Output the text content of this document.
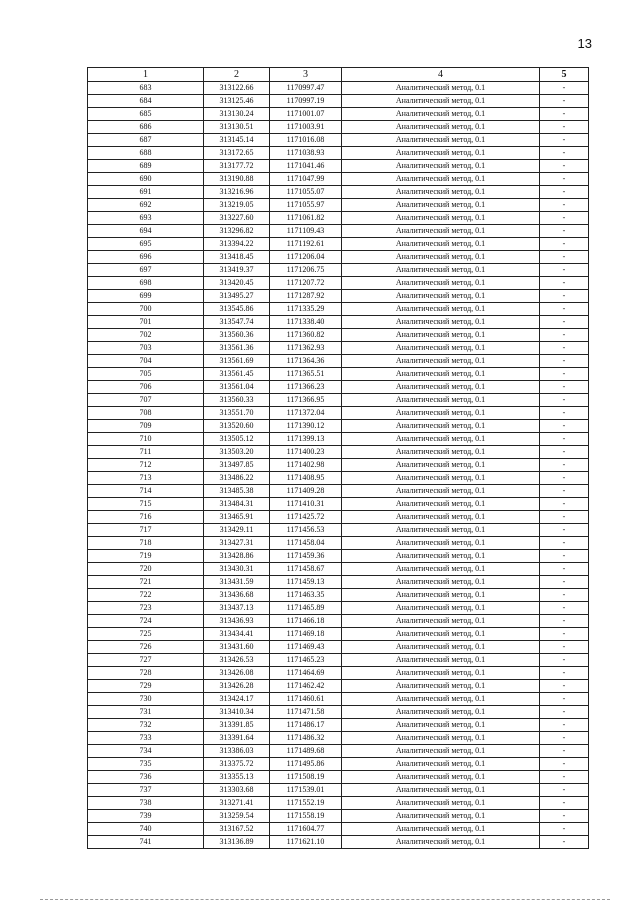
13
1	2	3	4	5
683	313122.66	1170997.47	Аналитический метод, 0.1	-
684	313125.46	1170997.19	Аналитический метод, 0.1	-
685	313130.24	1171001.07	Аналитический метод, 0.1	-
686	313130.51	1171003.91	Аналитический метод, 0.1	-
687	313145.14	1171016.08	Аналитический метод, 0.1	-
688	313172.65	1171038.93	Аналитический метод, 0.1	-
689	313177.72	1171041.46	Аналитический метод, 0.1	-
690	313190.88	1171047.99	Аналитический метод, 0.1	-
691	313216.96	1171055.07	Аналитический метод, 0.1	-
692	313219.05	1171055.97	Аналитический метод, 0.1	-
693	313227.60	1171061.82	Аналитический метод, 0.1	-
694	313296.82	1171109.43	Аналитический метод, 0.1	-
695	313394.22	1171192.61	Аналитический метод, 0.1	-
696	313418.45	1171206.04	Аналитический метод, 0.1	-
697	313419.37	1171206.75	Аналитический метод, 0.1	-
698	313420.45	1171207.72	Аналитический метод, 0.1	-
699	313495.27	1171287.92	Аналитический метод, 0.1	-
700	313545.86	1171335.29	Аналитический метод, 0.1	-
701	313547.74	1171338.40	Аналитический метод, 0.1	-
702	313560.36	1171360.82	Аналитический метод, 0.1	-
703	313561.36	1171362.93	Аналитический метод, 0.1	-
704	313561.69	1171364.36	Аналитический метод, 0.1	-
705	313561.45	1171365.51	Аналитический метод, 0.1	-
706	313561.04	1171366.23	Аналитический метод, 0.1	-
707	313560.33	1171366.95	Аналитический метод, 0.1	-
708	313551.70	1171372.04	Аналитический метод, 0.1	-
709	313520.60	1171390.12	Аналитический метод, 0.1	-
710	313505.12	1171399.13	Аналитический метод, 0.1	-
711	313503.20	1171400.23	Аналитический метод, 0.1	-
712	313497.85	1171402.98	Аналитический метод, 0.1	-
713	313486.22	1171408.95	Аналитический метод, 0.1	-
714	313485.38	1171409.28	Аналитический метод, 0.1	-
715	313484.31	1171410.31	Аналитический метод, 0.1	-
716	313465.91	1171425.72	Аналитический метод, 0.1	-
717	313429.11	1171456.53	Аналитический метод, 0.1	-
718	313427.31	1171458.04	Аналитический метод, 0.1	-
719	313428.86	1171459.36	Аналитический метод, 0.1	-
720	313430.31	1171458.67	Аналитический метод, 0.1	-
721	313431.59	1171459.13	Аналитический метод, 0.1	-
722	313436.68	1171463.35	Аналитический метод, 0.1	-
723	313437.13	1171465.89	Аналитический метод, 0.1	-
724	313436.93	1171466.18	Аналитический метод, 0.1	-
725	313434.41	1171469.18	Аналитический метод, 0.1	-
726	313431.60	1171469.43	Аналитический метод, 0.1	-
727	313426.53	1171465.23	Аналитический метод, 0.1	-
728	313426.08	1171464.69	Аналитический метод, 0.1	-
729	313426.28	1171462.42	Аналитический метод, 0.1	-
730	313424.17	1171460.61	Аналитический метод, 0.1	-
731	313410.34	1171471.58	Аналитический метод, 0.1	-
732	313391.85	1171486.17	Аналитический метод, 0.1	-
733	313391.64	1171486.32	Аналитический метод, 0.1	-
734	313386.03	1171489.68	Аналитический метод, 0.1	-
735	313375.72	1171495.86	Аналитический метод, 0.1	-
736	313355.13	1171508.19	Аналитический метод, 0.1	-
737	313303.68	1171539.01	Аналитический метод, 0.1	-
738	313271.41	1171552.19	Аналитический метод, 0.1	-
739	313259.54	1171558.19	Аналитический метод, 0.1	-
740	313167.52	1171604.77	Аналитический метод, 0.1	-
741	313136.89	1171621.10	Аналитический метод, 0.1	-
